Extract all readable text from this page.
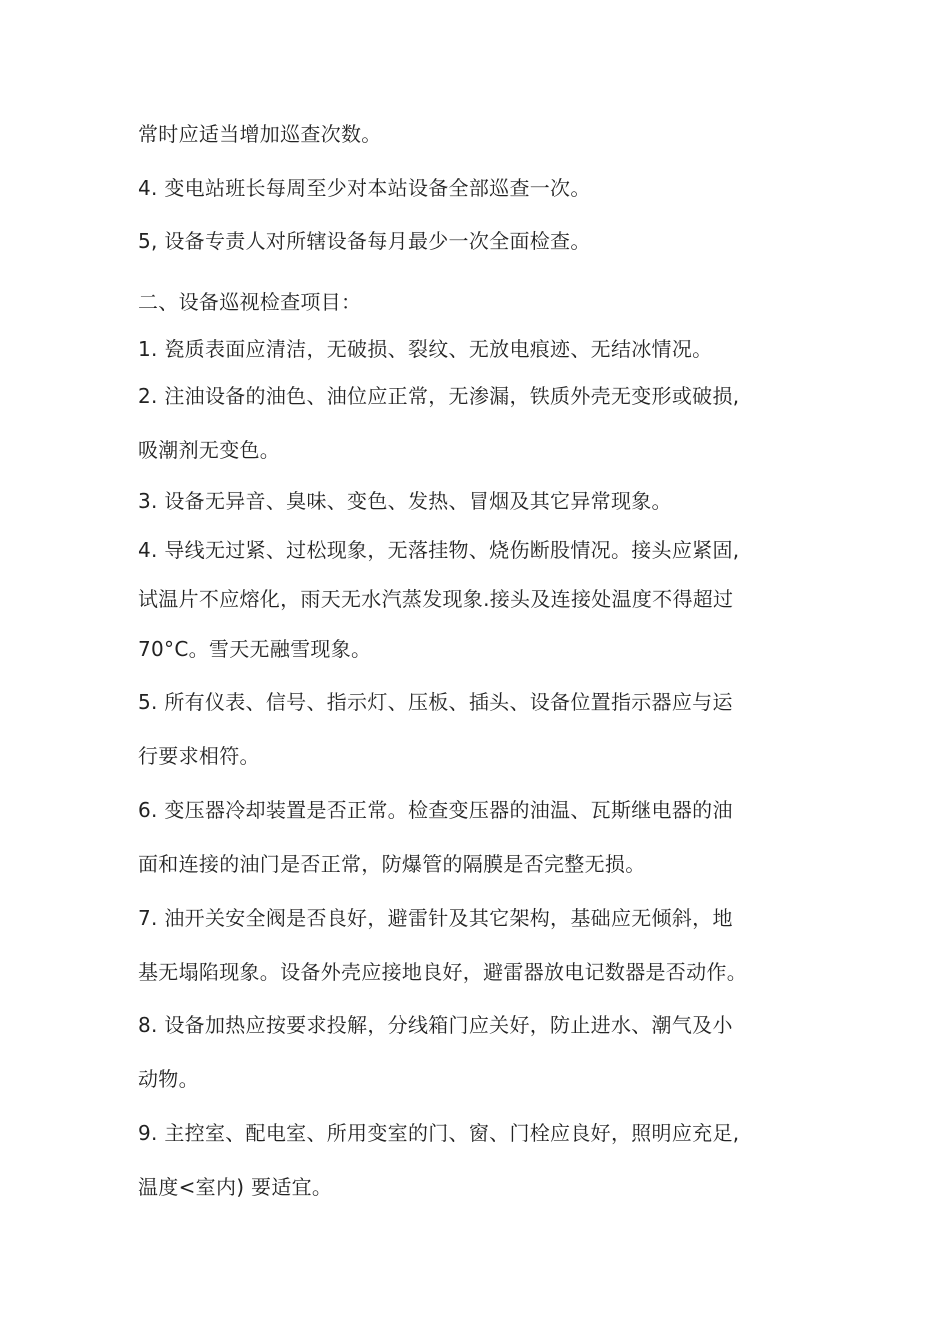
常时应适当增加巡查次数。
4. 变电站班长每周至少对本站设备全部巡查一次。
5, 设备专责人对所辖设备每月最少一次全面检查。
二、设备巡视检查项目：
1. 瓷质表面应清洁，无破损、裂纹、无放电痕迹、无结冰情况。
2. 注油设备的油色、油位应正常，无渗漏，铁质外壳无变形或破损,
吸潮剂无变色。
3. 设备无异音、臭味、变色、发热、冒烟及其它异常现象。
4. 导线无过紧、过松现象，无落挂物、烧伤断股情况。接头应紧固,
试温片不应熔化，雨天无水汽蒸发现象.接头及连接处温度不得超过
70°C。雪天无融雪现象。
5. 所有仪表、信号、指示灯、压板、插头、设备位置指示器应与运
行要求相符。
6. 变压器冷却装置是否正常。检查变压器的油温、瓦斯继电器的油
面和连接的油门是否正常，防爆管的隔膜是否完整无损。
7. 油开关安全阀是否良好，避雷针及其它架构，基础应无倾斜，地
基无塌陷现象。设备外壳应接地良好，避雷器放电记数器是否动作。
8. 设备加热应按要求投解，分线箱门应关好，防止进水、潮气及小
动物。
9. 主控室、配电室、所用变室的门、窗、门栓应良好，照明应充足,
温度<室内) 要适宜。
